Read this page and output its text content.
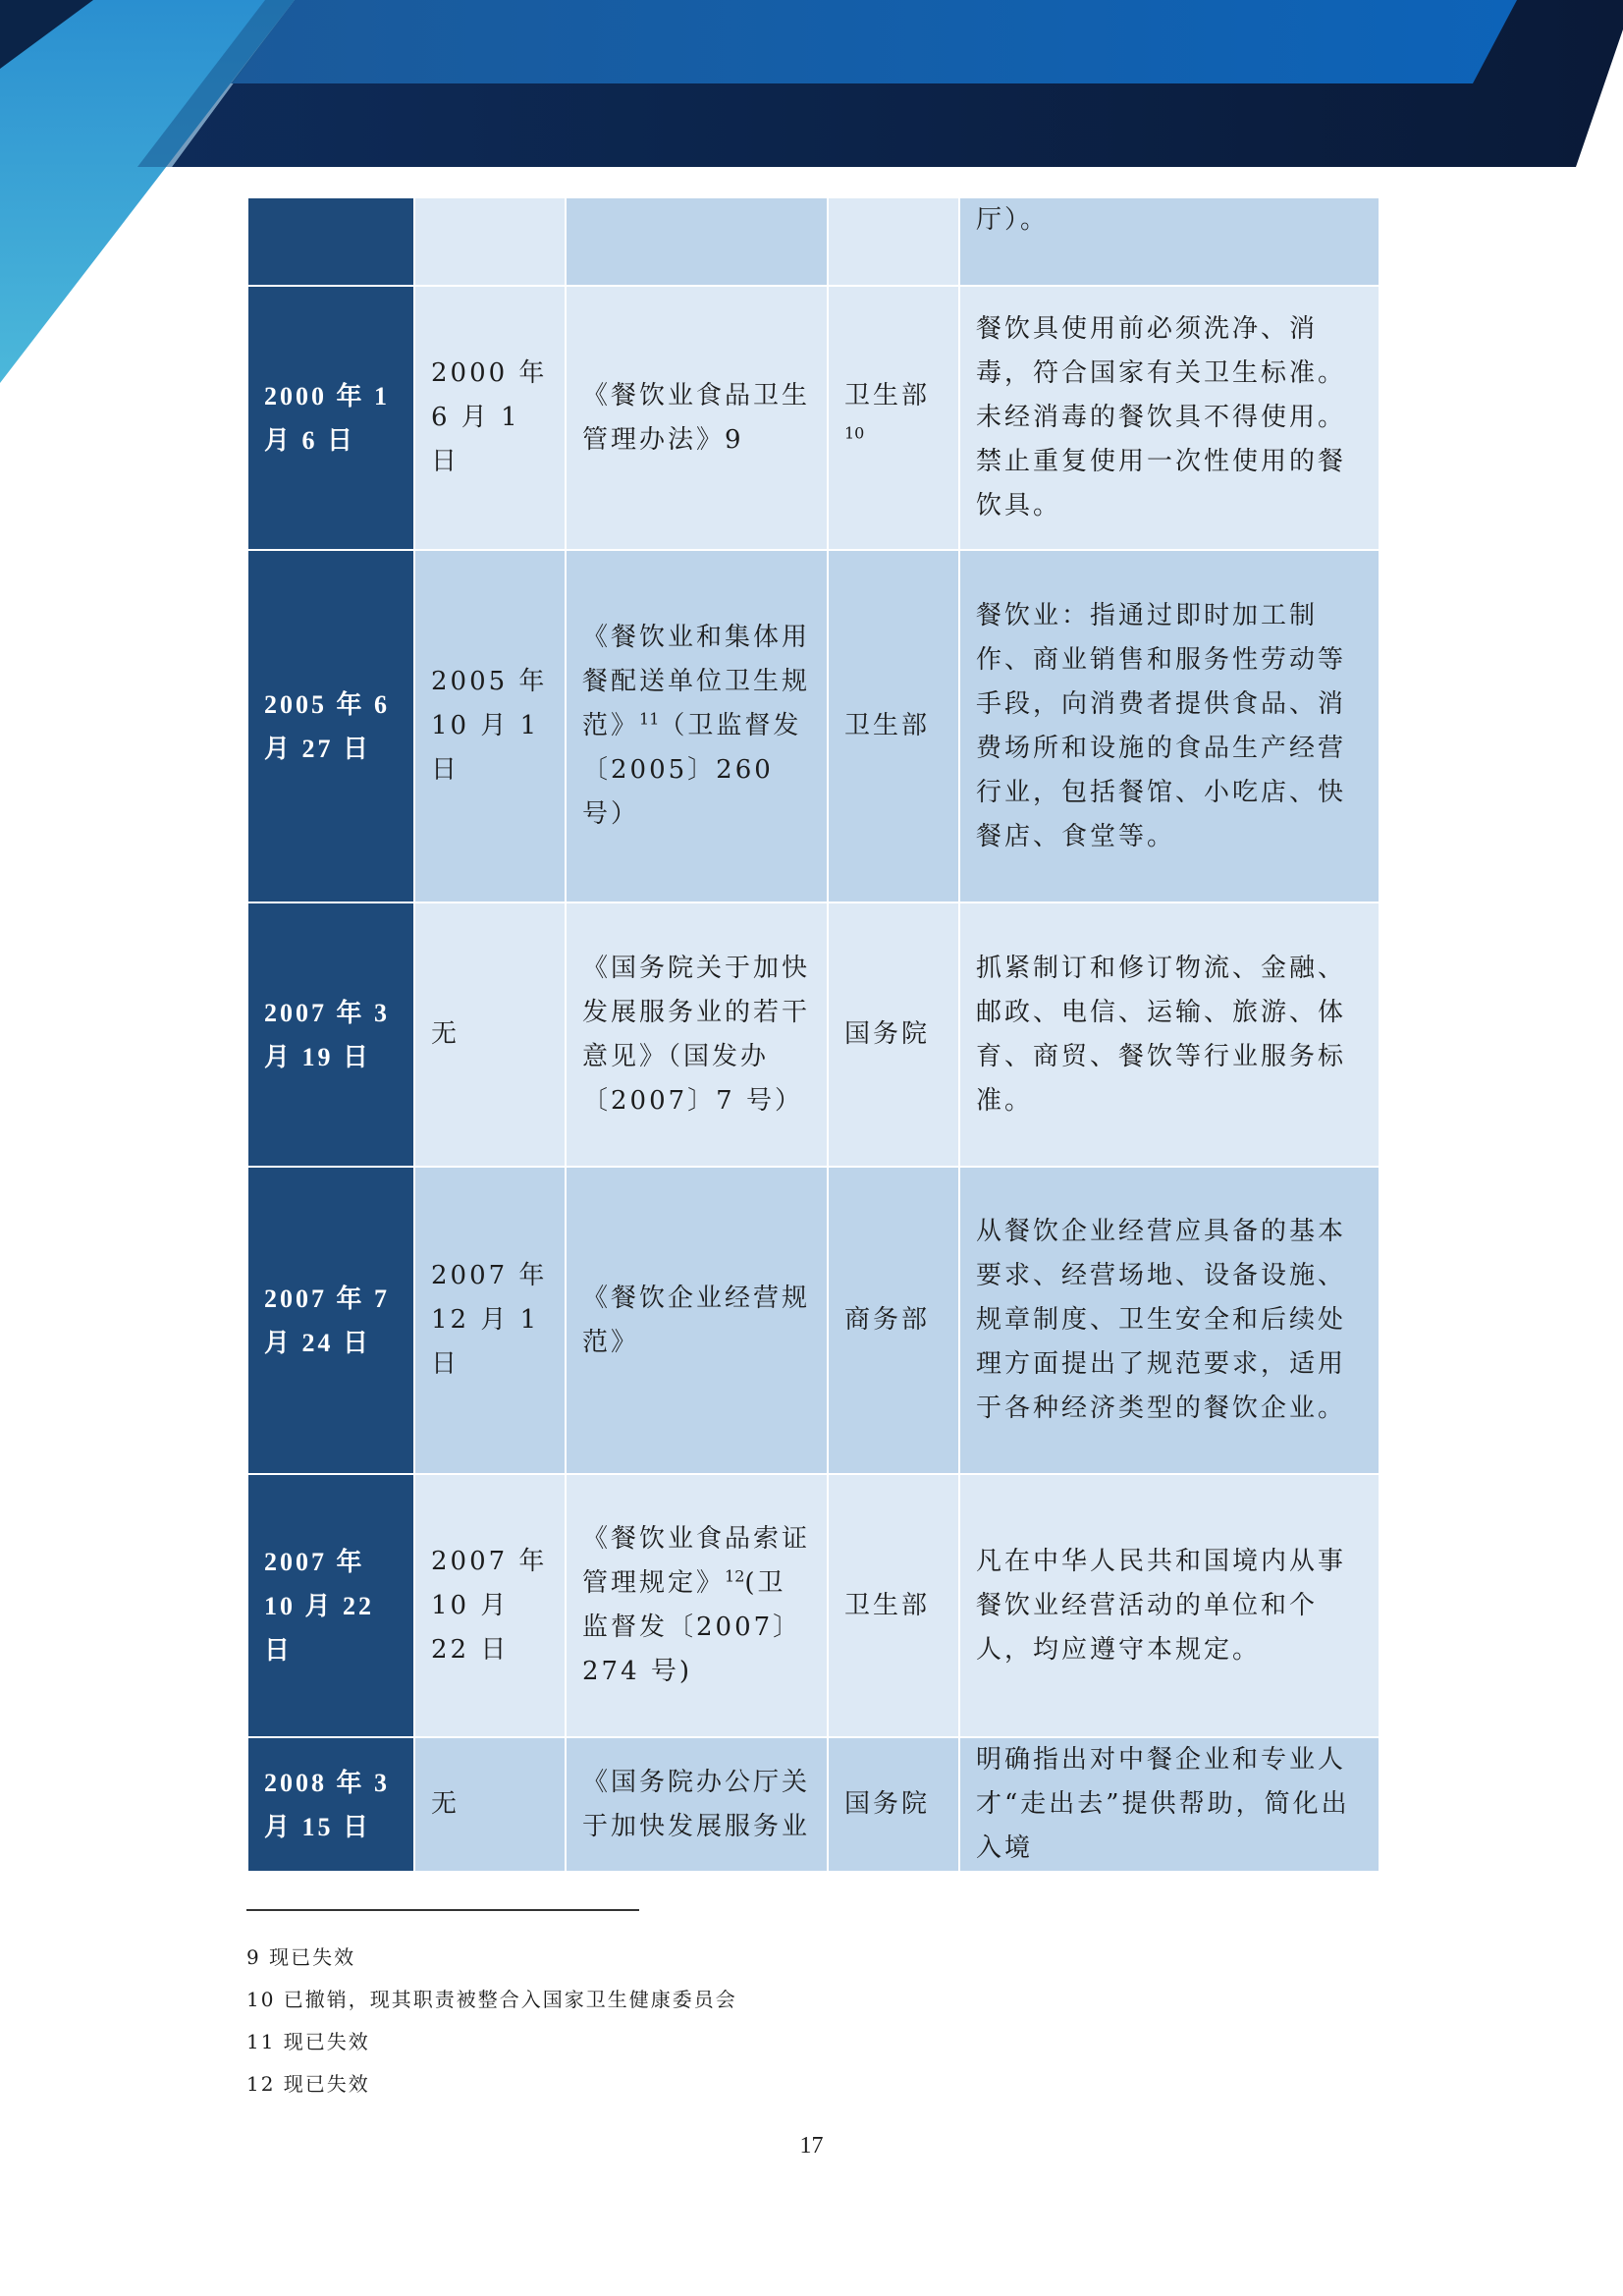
				厅）。
2000 年 1 月 6 日	2000 年 6 月 1 日	《餐饮业食品卫生管理办法》9	卫生部$^{10}$	餐饮具使用前必须洗净、消毒，符合国家有关卫生标准。未经消毒的餐饮具不得使用。禁止重复使用一次性使用的餐饮具。
2005 年 6 月 27 日	2005 年 10 月 1 日	《餐饮业和集体用餐配送单位卫生规范》$^{11}$（卫监督发〔2005〕260 号）	卫生部	餐饮业：指通过即时加工制作、商业销售和服务性劳动等手段，向消费者提供食品、消费场所和设施的食品生产经营行业，包括餐馆、小吃店、快餐店、食堂等。
2007 年 3 月 19 日	无	《国务院关于加快发展服务业的若干意见》（国发办〔2007〕7 号）	国务院	抓紧制订和修订物流、金融、邮政、电信、运输、旅游、体育、商贸、餐饮等行业服务标准。
2007 年 7 月 24 日	2007 年 12 月 1 日	《餐饮企业经营规范》	商务部	从餐饮企业经营应具备的基本要求、经营场地、设备设施、规章制度、卫生安全和后续处理方面提出了规范要求，适用于各种经济类型的餐饮企业。
2007 年 10 月 22 日	2007 年 10 月 22 日	《餐饮业食品索证管理规定》$^{12}$(卫监督发〔2007〕274 号)	卫生部	凡在中华人民共和国境内从事餐饮业经营活动的单位和个人，均应遵守本规定。
2008 年 3 月 15 日	无	《国务院办公厅关于加快发展服务业	国务院	明确指出对中餐企业和专业人才“走出去”提供帮助，简化出入境
9 现已失效
10 已撤销，现其职责被整合入国家卫生健康委员会
11 现已失效
12 现已失效
17
